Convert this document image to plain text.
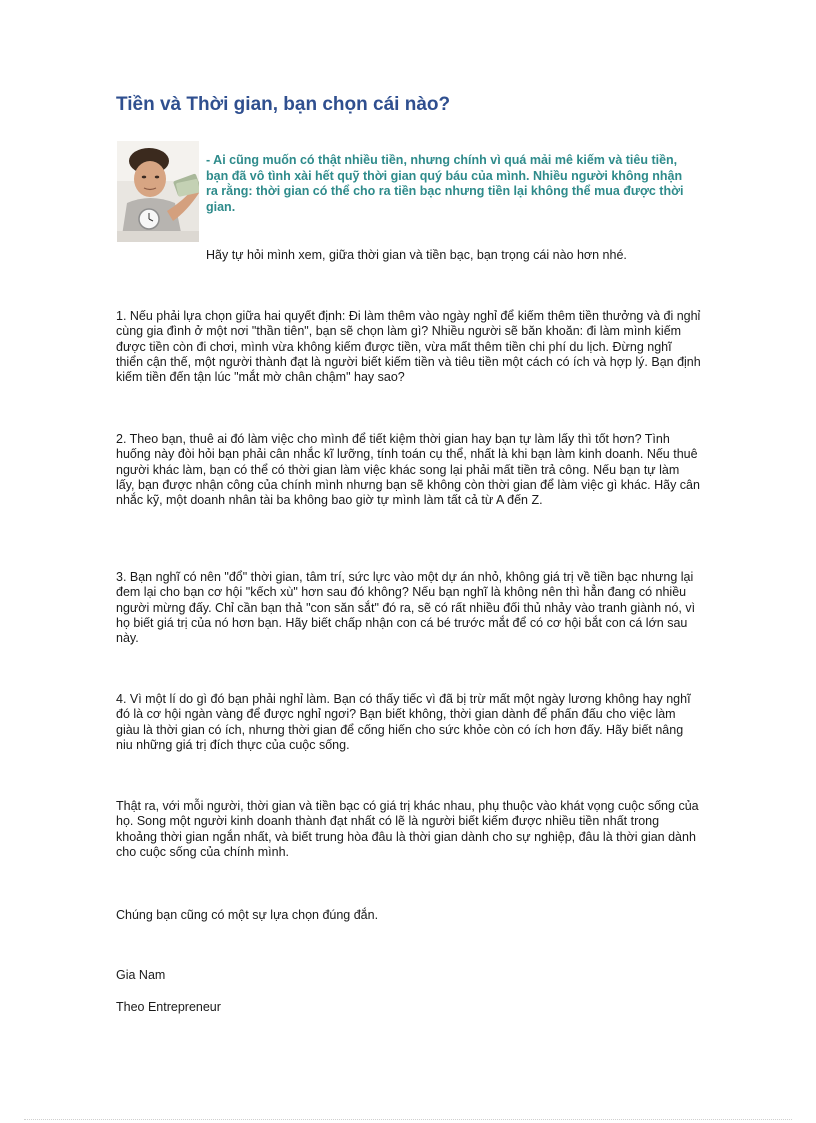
Tiền và Thời gian, bạn chọn cái nào?

- Ai cũng muốn có thật nhiều tiền, nhưng chính vì quá mải mê kiếm và tiêu tiền, bạn đã vô tình xài hết quỹ thời gian quý báu của mình. Nhiều người không nhận ra rằng: thời gian có thể cho ra tiền bạc nhưng tiền lại không thể mua được thời gian.

Hãy tự hỏi mình xem, giữa thời gian và tiền bạc, bạn trọng cái nào hơn nhé.

1. Nếu phải lựa chọn giữa hai quyết định: Đi làm thêm vào ngày nghỉ để kiếm thêm tiền thưởng và đi nghỉ cùng gia đình ở một nơi "thần tiên", bạn sẽ chọn làm gì? Nhiều người sẽ băn khoăn: đi làm mình kiếm được tiền còn đi chơi, mình vừa không kiếm được tiền, vừa mất thêm tiền chi phí du lịch. Đừng nghĩ thiển cận thế, một người thành đạt là người biết kiếm tiền và tiêu tiền một cách có ích và hợp lý. Bạn định kiếm tiền đến tận lúc "mắt mờ chân chậm" hay sao?

2. Theo bạn, thuê ai đó làm việc cho mình để tiết kiệm thời gian hay bạn tự làm lấy thì tốt hơn? Tình huống này đòi hỏi bạn phải cân nhắc kĩ lưỡng, tính toán cụ thể, nhất là khi bạn làm kinh doanh. Nếu thuê người khác làm, bạn có thể có thời gian làm việc khác song lại phải mất tiền trả công. Nếu bạn tự làm lấy, bạn được nhận công của chính mình nhưng bạn sẽ không còn thời gian để làm việc gì khác. Hãy cân nhắc kỹ, một doanh nhân tài ba không bao giờ tự mình làm tất cả từ A đến Z.

3. Bạn nghĩ có nên "đổ" thời gian, tâm trí, sức lực vào một dự án nhỏ, không giá trị về tiền bạc nhưng lại đem lại cho bạn cơ hội "kếch xù" hơn sau đó không? Nếu bạn nghĩ là không nên thì hẳn đang có nhiều người mừng đấy. Chỉ cần bạn thả "con săn sắt" đó ra, sẽ có rất nhiều đối thủ nhảy vào tranh giành nó, vì họ biết giá trị của nó hơn bạn. Hãy biết chấp nhận con cá bé trước mắt để có cơ hội bắt con cá lớn sau này.

4. Vì một lí do gì đó bạn phải nghỉ làm. Bạn có thấy tiếc vì đã bị trừ mất một ngày lương không hay nghĩ đó là cơ hội ngàn vàng để được nghỉ ngơi? Bạn biết không, thời gian dành để phấn đấu cho việc làm giàu là thời gian có ích, nhưng thời gian để cống hiến cho sức khỏe còn có ích hơn đấy. Hãy biết nâng niu những giá trị đích thực của cuộc sống.

Thật ra, với mỗi người, thời gian và tiền bạc có giá trị khác nhau, phụ thuộc vào khát vọng cuộc sống của họ. Song một người kinh doanh thành đạt nhất có lẽ là người biết kiếm được nhiều tiền nhất trong khoảng thời gian ngắn nhất, và biết trung hòa đâu là thời gian dành cho sự nghiệp, đâu là thời gian dành cho cuộc sống của chính mình.

Chúng bạn cũng có một sự lựa chọn đúng đắn.

Gia Nam

Theo Entrepreneur
